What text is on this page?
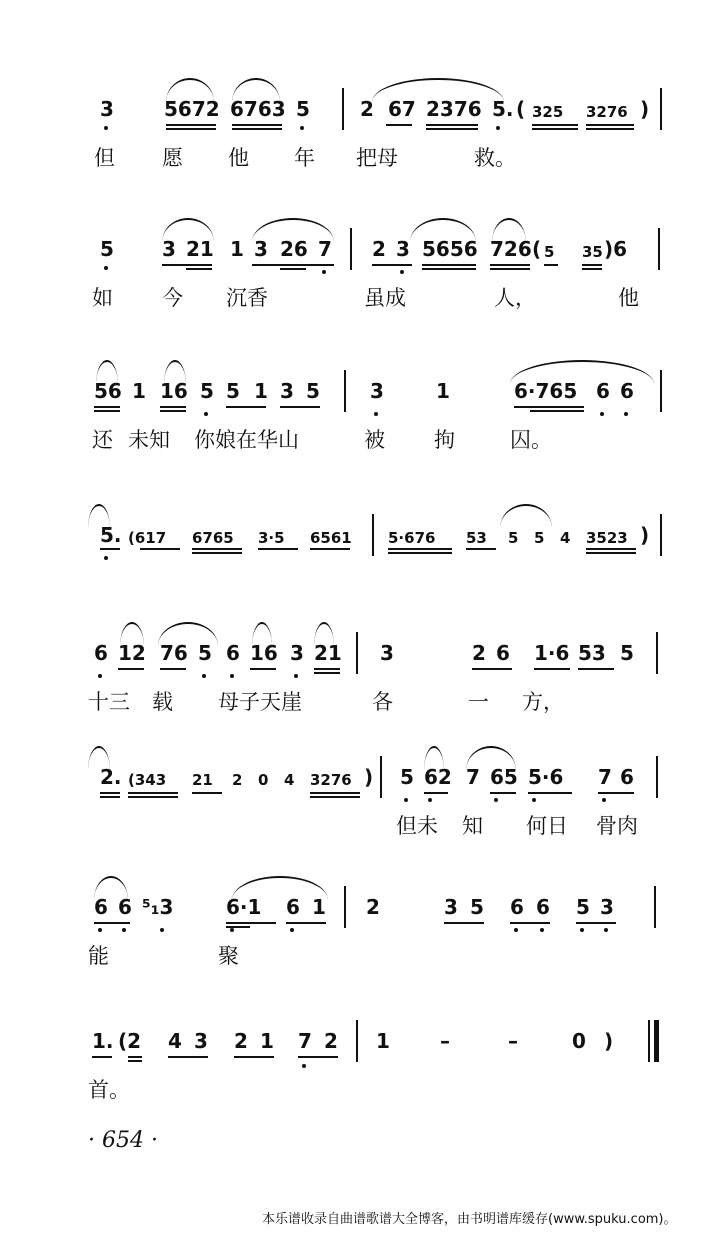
3	5672 6763 5	2 67 2376 5. ( 325 3276 )
但 愿 他 年 把母	救。
5 3 21 1 3 26 7 2 3 5656 726 ( 5 35 )6
如 今 沉香	虽成	人，	他
56 1 16 5 5 1 3 5	3	1	6·765 6 6
还 未知 你娘在华山	被 拘	囚。
5. (617 6765 3·5 6561 5·676 53 5 5 4 3523 )
6 12 76 5 6 16 3 21 3	2 6 1·6 53 5
十三 载 母子天崖	各	一 方，
2. (343 21 2 0 4 3276 ) 5 62 7 65 5·6 7 6
但未 知 何日 骨肉
6 6 ⁵₁3	6·1 6 1 2	3 5 6 6 5 3
能	聚
1. (2 4 3 2 1 7 2 1	–	–	0 )
首。
· 654 ·
本乐谱收录自曲谱歌谱大全博客，由书明谱库缓存(www.spuku.com)。
